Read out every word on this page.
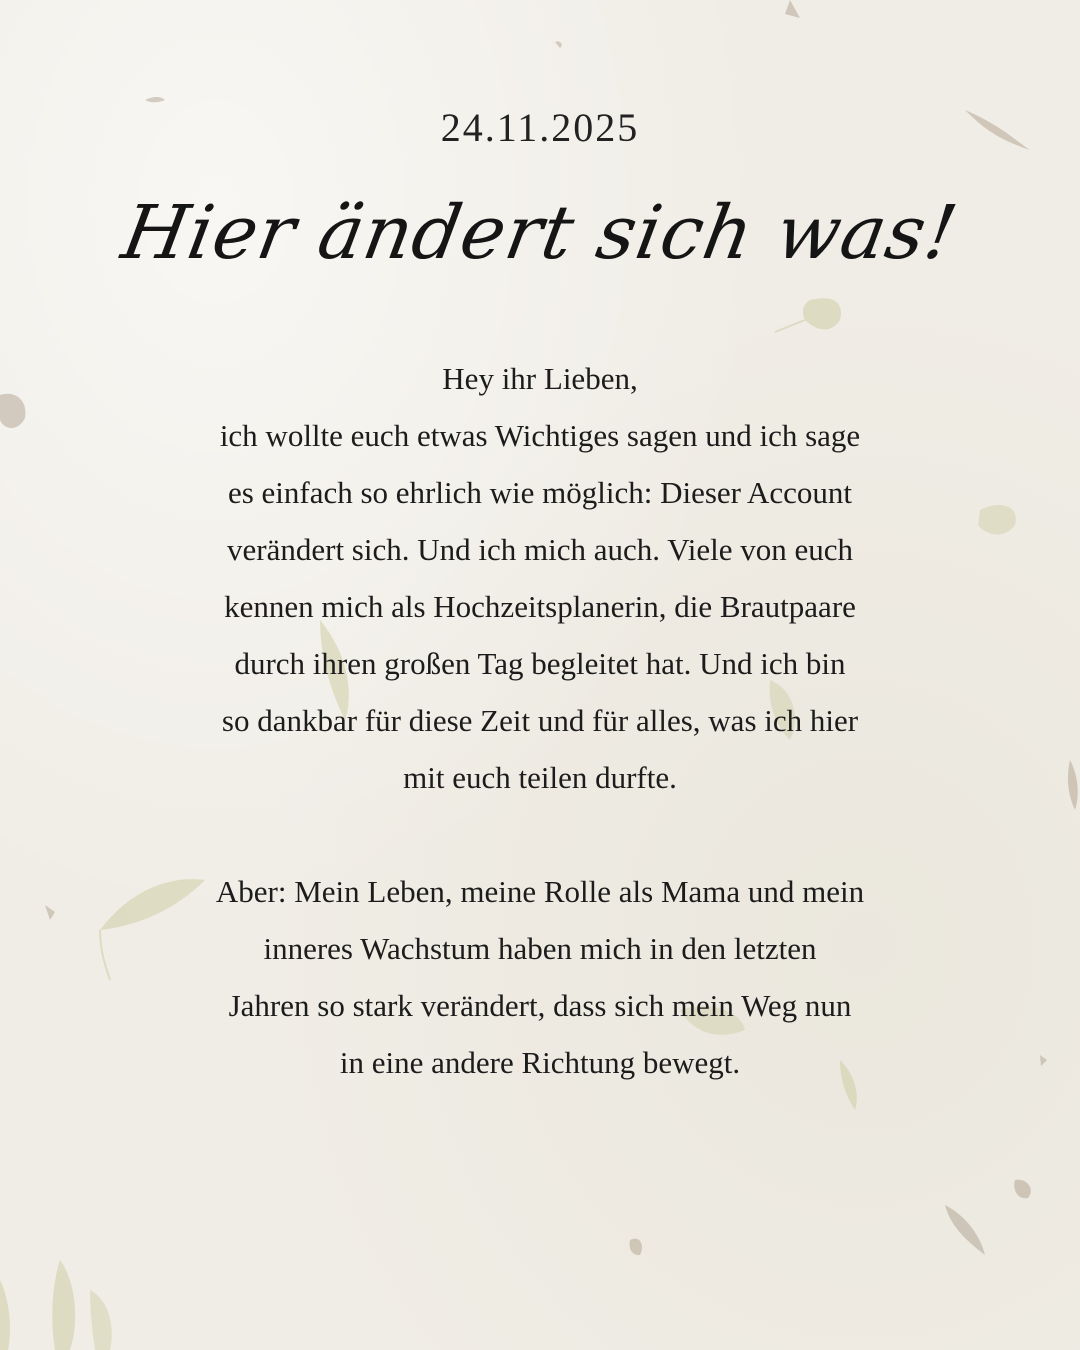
24.11.2025
Hier ändert sich was!

Hey ihr Lieben,

ich wollte euch etwas Wichtiges sagen und ich sage

es einfach so ehrlich wie möglich: Dieser Account

verändert sich. Und ich mich auch. Viele von euch

kennen mich als Hochzeitsplanerin, die Brautpaare

durch ihren großen Tag begleitet hat. Und ich bin

so dankbar für diese Zeit und für alles, was ich hier

mit euch teilen durfte.

Aber: Mein Leben, meine Rolle als Mama und mein

inneres Wachstum haben mich in den letzten

Jahren so stark verändert, dass sich mein Weg nun

in eine andere Richtung bewegt.
